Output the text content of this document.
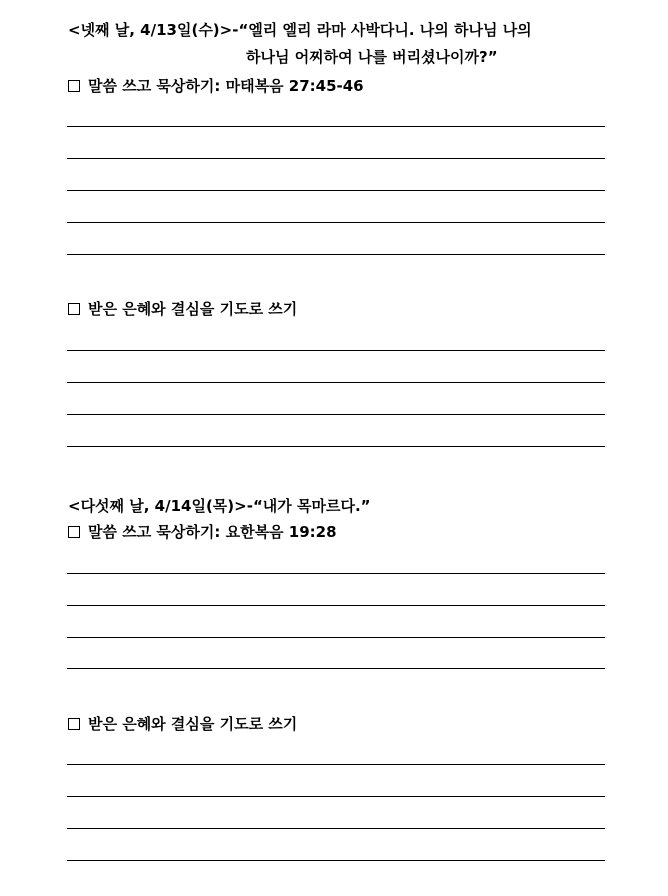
<넷째 날, 4/13일(수)>-“엘리 엘리 라마 사박다니. 나의 하나님 나의
하나님 어찌하여 나를 버리셨나이까?”
말씀 쓰고 묵상하기: 마태복음 27:45-46
받은 은혜와 결심을 기도로 쓰기
<다섯째 날, 4/14일(목)>-“내가 목마르다.”
말씀 쓰고 묵상하기: 요한복음 19:28
받은 은혜와 결심을 기도로 쓰기
